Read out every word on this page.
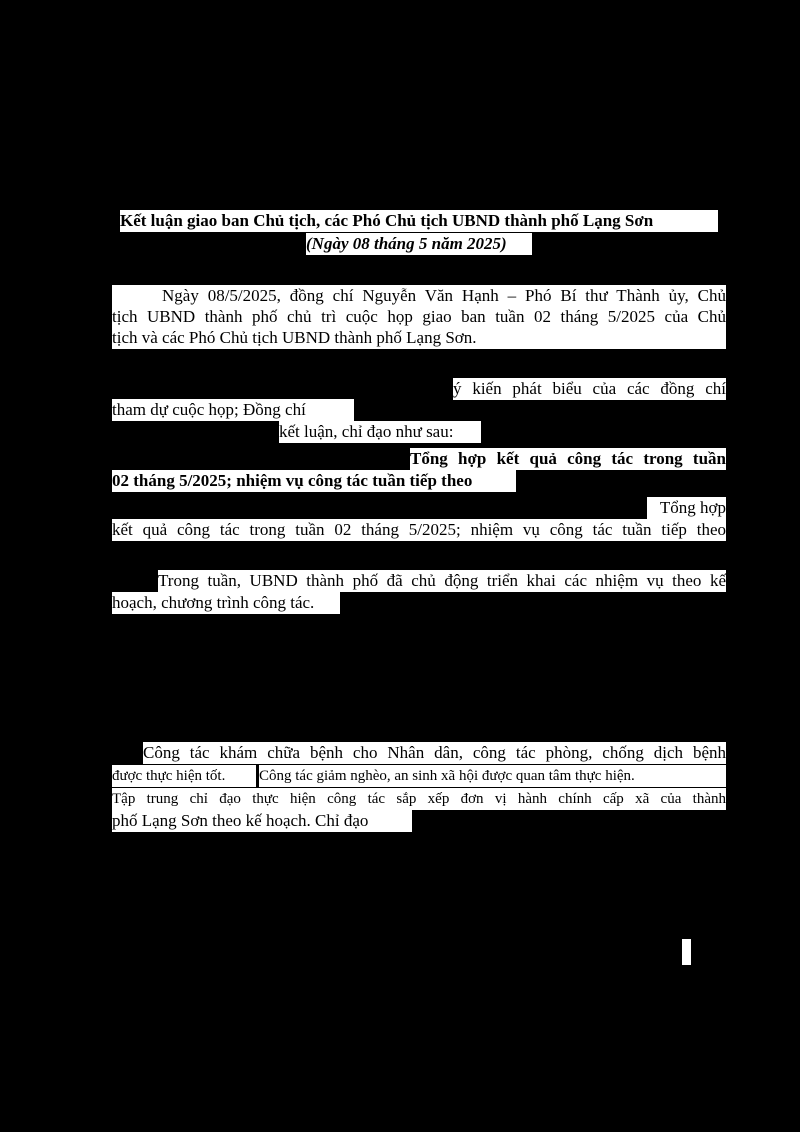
Kết luận giao ban Chủ tịch, các Phó Chủ tịch UBND thành phố Lạng Sơn
(Ngày 08 tháng 5 năm 2025)
Ngày 08/5/2025, đồng chí Nguyễn Văn Hạnh – Phó Bí thư Thành ủy, Chủ
tịch UBND thành phố chủ trì cuộc họp giao ban tuần 02 tháng 5/2025 của Chủ
tịch và các Phó Chủ tịch UBND thành phố Lạng Sơn.
ý kiến phát biểu của các đồng chí
tham dự cuộc họp; Đồng chí
kết luận, chỉ đạo như sau:
Tổng hợp kết quả công tác trong tuần
02 tháng 5/2025; nhiệm vụ công tác tuần tiếp theo
Tổng hợp
kết quả công tác trong tuần 02 tháng 5/2025; nhiệm vụ công tác tuần tiếp theo
Trong tuần, UBND thành phố đã chủ động triển khai các nhiệm vụ theo kế
hoạch, chương trình công tác.
Công tác khám chữa bệnh cho Nhân dân, công tác phòng, chống dịch bệnh
được thực hiện tốt.	Công tác giảm nghèo, an sinh xã hội được quan tâm thực hiện.
Tập trung chỉ đạo thực hiện công tác sắp xếp đơn vị hành chính cấp xã của thành
phố Lạng Sơn theo kế hoạch. Chỉ đạo
